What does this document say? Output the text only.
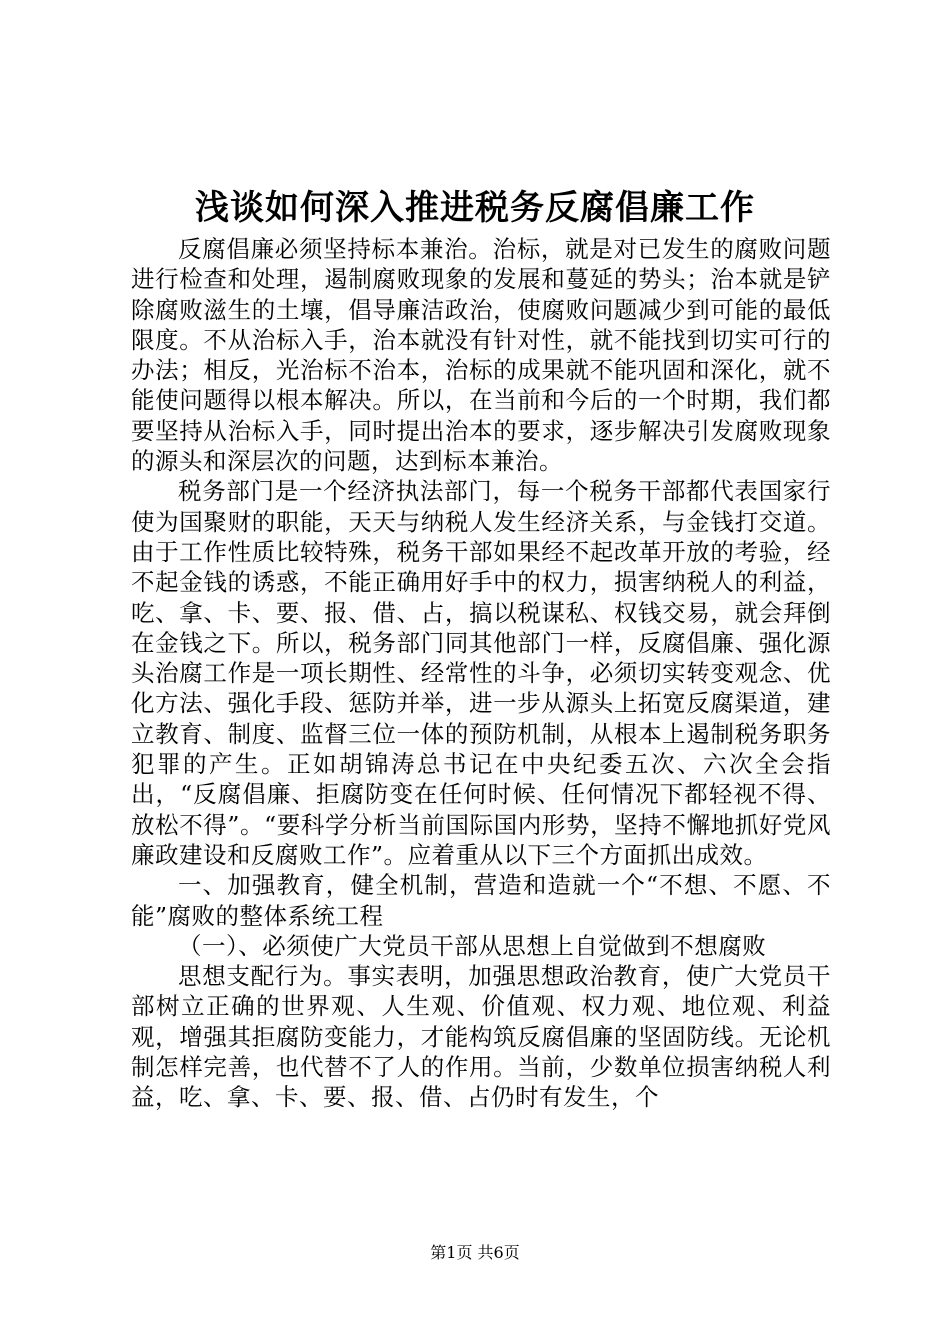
浅谈如何深入推进税务反腐倡廉工作

反腐倡廉必须坚持标本兼治。治标，就是对已发生的腐败问题进行检查和处理，遏制腐败现象的发展和蔓延的势头；治本就是铲除腐败滋生的土壤，倡导廉洁政治，使腐败问题减少到可能的最低限度。不从治标入手，治本就没有针对性，就不能找到切实可行的办法；相反，光治标不治本，治标的成果就不能巩固和深化，就不能使问题得以根本解决。所以，在当前和今后的一个时期，我们都要坚持从治标入手，同时提出治本的要求，逐步解决引发腐败现象的源头和深层次的问题，达到标本兼治。

税务部门是一个经济执法部门，每一个税务干部都代表国家行使为国聚财的职能，天天与纳税人发生经济关系，与金钱打交道。由于工作性质比较特殊，税务干部如果经不起改革开放的考验，经不起金钱的诱惑，不能正确用好手中的权力，损害纳税人的利益，吃、拿、卡、要、报、借、占，搞以税谋私、权钱交易，就会拜倒在金钱之下。所以，税务部门同其他部门一样，反腐倡廉、强化源头治腐工作是一项长期性、经常性的斗争，必须切实转变观念、优化方法、强化手段、惩防并举，进一步从源头上拓宽反腐渠道，建立教育、制度、监督三位一体的预防机制，从根本上遏制税务职务犯罪的产生。正如胡锦涛总书记在中央纪委五次、六次全会指出，“反腐倡廉、拒腐防变在任何时候、任何情况下都轻视不得、放松不得”。“要科学分析当前国际国内形势，坚持不懈地抓好党风廉政建设和反腐败工作”。应着重从以下三个方面抓出成效。

一、加强教育，健全机制，营造和造就一个“不想、不愿、不能”腐败的整体系统工程

（一）、必须使广大党员干部从思想上自觉做到不想腐败

思想支配行为。事实表明，加强思想政治教育，使广大党员干部树立正确的世界观、人生观、价值观、权力观、地位观、利益观，增强其拒腐防变能力，才能构筑反腐倡廉的坚固防线。无论机制怎样完善，也代替不了人的作用。当前，少数单位损害纳税人利益，吃、拿、卡、要、报、借、占仍时有发生，个

第1页 共6页
